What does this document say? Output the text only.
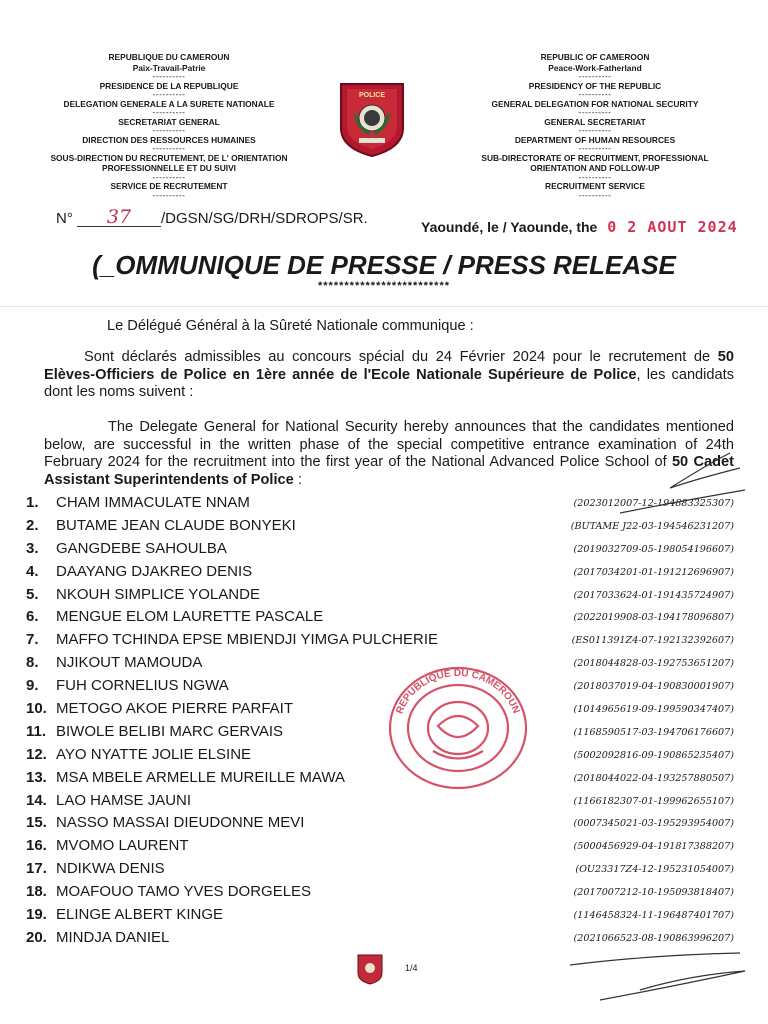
REPUBLIQUE DU CAMEROUN
Paix-Travail-Patrie
----------
PRESIDENCE DE LA REPUBLIQUE
----------
DELEGATION GENERALE A LA SURETE NATIONALE
----------
SECRETARIAT GENERAL
----------
DIRECTION DES RESSOURCES HUMAINES
----------
SOUS-DIRECTION DU RECRUTEMENT, DE L' ORIENTATION
PROFESSIONNELLE ET DU SUIVI
----------
SERVICE DE RECRUTEMENT
----------
REPUBLIC OF CAMEROON
Peace-Work-Fatherland
----------
PRESIDENCY OF THE REPUBLIC
----------
GENERAL DELEGATION FOR NATIONAL SECURITY
----------
GENERAL SECRETARIAT
----------
DEPARTMENT OF HUMAN RESOURCES
----------
SUB-DIRECTORATE OF RECRUITMENT, PROFESSIONAL
ORIENTATION AND FOLLOW-UP
----------
RECRUITMENT SERVICE
----------
POLICE
N° 37 /DGSN/SG/DRH/SDROPS/SR.	Yaoundé, le / Yaounde, the 0 2 AOUT 2024
(_OMMUNIQUE DE PRESSE / PRESS RELEASE
*************************
Le Délégué Général à la Sûreté Nationale communique :
Sont déclarés admissibles au concours spécial du 24 Février 2024 pour le recrutement de 50 Elèves-Officiers de Police en 1ère année de l'Ecole Nationale Supérieure de Police, les candidats dont les noms suivent :
The Delegate General for National Security hereby announces that the candidates mentioned below, are successful in the written phase of the special competitive entrance examination of 24th February 2024 for the recruitment into the first year of the National Advanced Police School of 50 Cadet Assistant Superintendents of Police :
1.	CHAM IMMACULATE NNAM	(2023012007-12-194883325307)
2.	BUTAME JEAN CLAUDE BONYEKI	(BUTAME J22-03-194546231207)
3.	GANGDEBE SAHOULBA	(2019032709-05-198054196607)
4.	DAAYANG DJAKREO DENIS	(2017034201-01-191212696907)
5.	NKOUH SIMPLICE YOLANDE	(2017033624-01-191435724907)
6.	MENGUE ELOM LAURETTE PASCALE	(2022019908-03-194178096807)
7.	MAFFO TCHINDA EPSE MBIENDJI YIMGA PULCHERIE	(ES011391Z4-07-192132392607)
8.	NJIKOUT MAMOUDA	(2018044828-03-192753651207)
9.	FUH CORNELIUS NGWA	(2018037019-04-190830001907)
10. METOGO AKOE PIERRE PARFAIT	(1014965619-09-199590347407)
11. BIWOLE BELIBI MARC GERVAIS	(1168590517-03-194706176607)
12. AYO NYATTE JOLIE ELSINE	(5002092816-09-190865235407)
13. MSA MBELE ARMELLE MUREILLE MAWA	(2018044022-04-193257880507)
14. LAO HAMSE JAUNI	(1166182307-01-199962655107)
15. NASSO MASSAI DIEUDONNE MEVI	(0007345021-03-195293954007)
16. MVOMO LAURENT	(5000456929-04-191817388207)
17. NDIKWA DENIS	(OU23317Z4-12-195231054007)
18. MOAFOUO TAMO YVES DORGELES	(2017007212-10-195093818407)
19. ELINGE ALBERT KINGE	(1146458324-11-196487401707)
20. MINDJA DANIEL	(2021066523-08-190863996207)
REPUBLIQUE DU CAMEROUN
1/4
